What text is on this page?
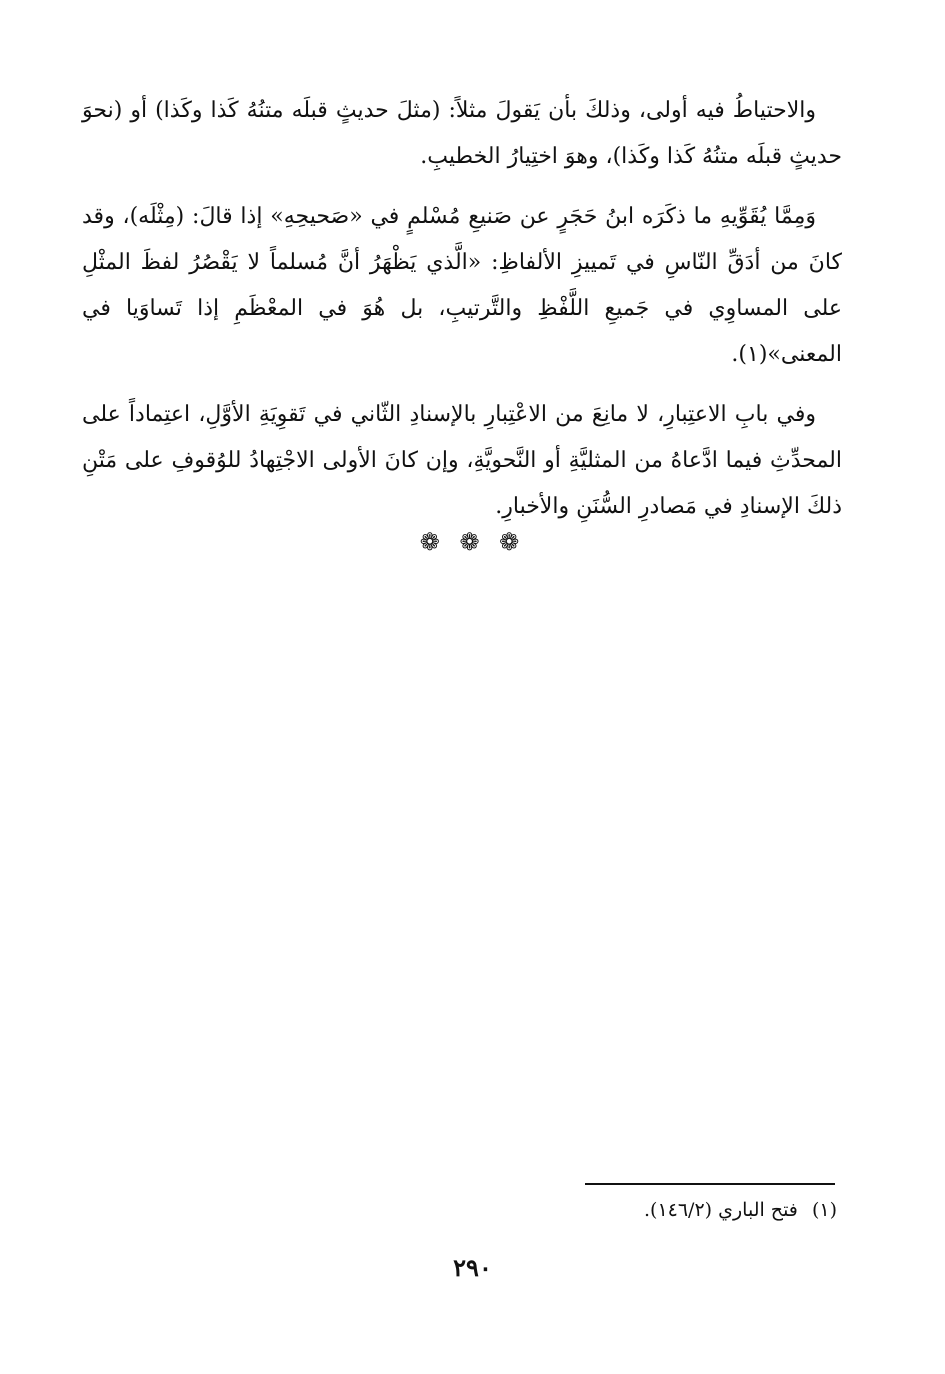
والاحتياطُ فيه أولى، وذلكَ بأن يَقولَ مثلاً: (مثلَ حديثٍ قبلَه متنُهُ كَذا وكَذا) أو (نحوَ حديثٍ قبلَه متنُهُ كَذا وكَذا)، وهوَ اختِيارُ الخطيبِ.

وَمِمَّا يُقَوِّيهِ ما ذكَرَه ابنُ حَجَرٍ عن صَنيعِ مُسْلمٍ في «صَحيحِهِ» إذا قالَ: (مِثْلَه)، وقد كانَ من أدَقِّ النّاسِ في تَمييزِ الألفاظِ: «الَّذي يَظْهَرُ أنَّ مُسلماً لا يَقْصُرُ لفظَ المثْلِ على المساوِي في جَميعِ اللَّفْظِ والتَّرتيبِ، بل هُوَ في المعْظَمِ إذا تَساوَيا في المعنى»(١).

وفي بابِ الاعتِبارِ، لا مانِعَ من الاعْتِبارِ بالإسنادِ الثّاني في تَقوِيَةِ الأوَّلِ، اعتِماداً على المحدِّثِ فيما ادَّعاهُ من المثليَّةِ أو النَّحويَّةِ، وإن كانَ الأولى الاجْتِهادُ للوُقوفِ على مَتْنِ ذلكَ الإسنادِ في مَصادرِ السُّنَنِ والأخبارِ.

❁ ❁ ❁
(١) فتح الباري (١٤٦/٢).
٢٩٠
